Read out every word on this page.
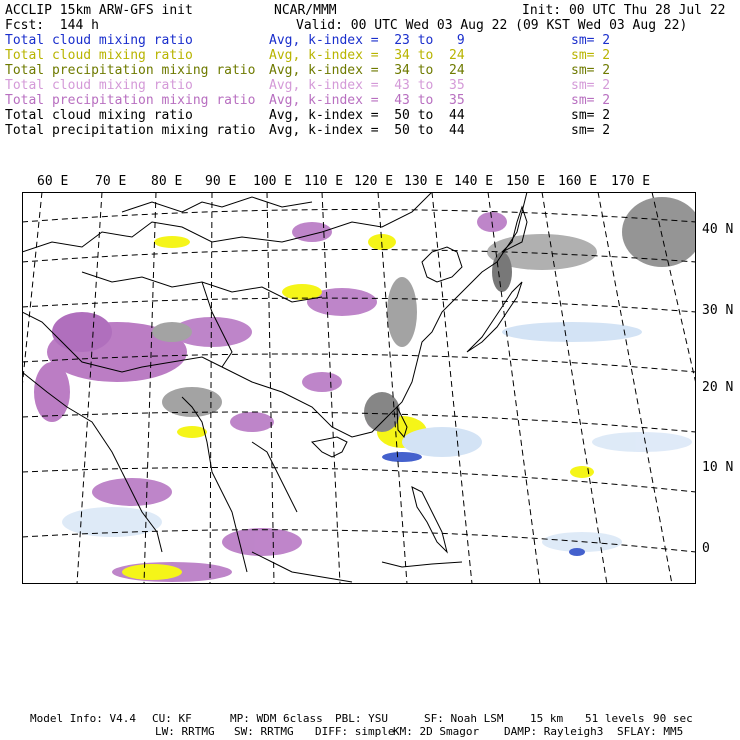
ACCLIP 15km ARW-GFS init	NCAR/MMM	Init: 00 UTC Thu 28 Jul 22
Fcst:  144 h	Valid: 00 UTC Wed 03 Aug 22 (09 KST Wed 03 Aug 22)
Total cloud mixing ratio	Avg, k-index =  23 to   9	sm= 2
Total cloud mixing ratio	Avg, k-index =  34 to  24	sm= 2
Total precipitation mixing ratio Avg, k-index =  34 to  24	sm= 2
Total cloud mixing ratio	Avg, k-index =  43 to  35	sm= 2
Total precipitation mixing ratio Avg, k-index =  43 to  35	sm= 2
Total cloud mixing ratio	Avg, k-index =  50 to  44	sm= 2
Total precipitation mixing ratio Avg, k-index =  50 to  44	sm= 2
60 E 70 E 80 E 90 E 100 E 110 E 120 E 130 E 140 E 150 E 160 E 170 E
40 N
30 N
20 N
10 N
0
Model Info: V4.4 CU: KF	MP: WDM 6class PBL: YSU	SF: Noah LSM 15 km 51 levels 90 sec
LW: RRTMG SW: RRTMG DIFF: simple
KM: 2D Smagor DAMP: Rayleigh3 SFLAY: MM5
